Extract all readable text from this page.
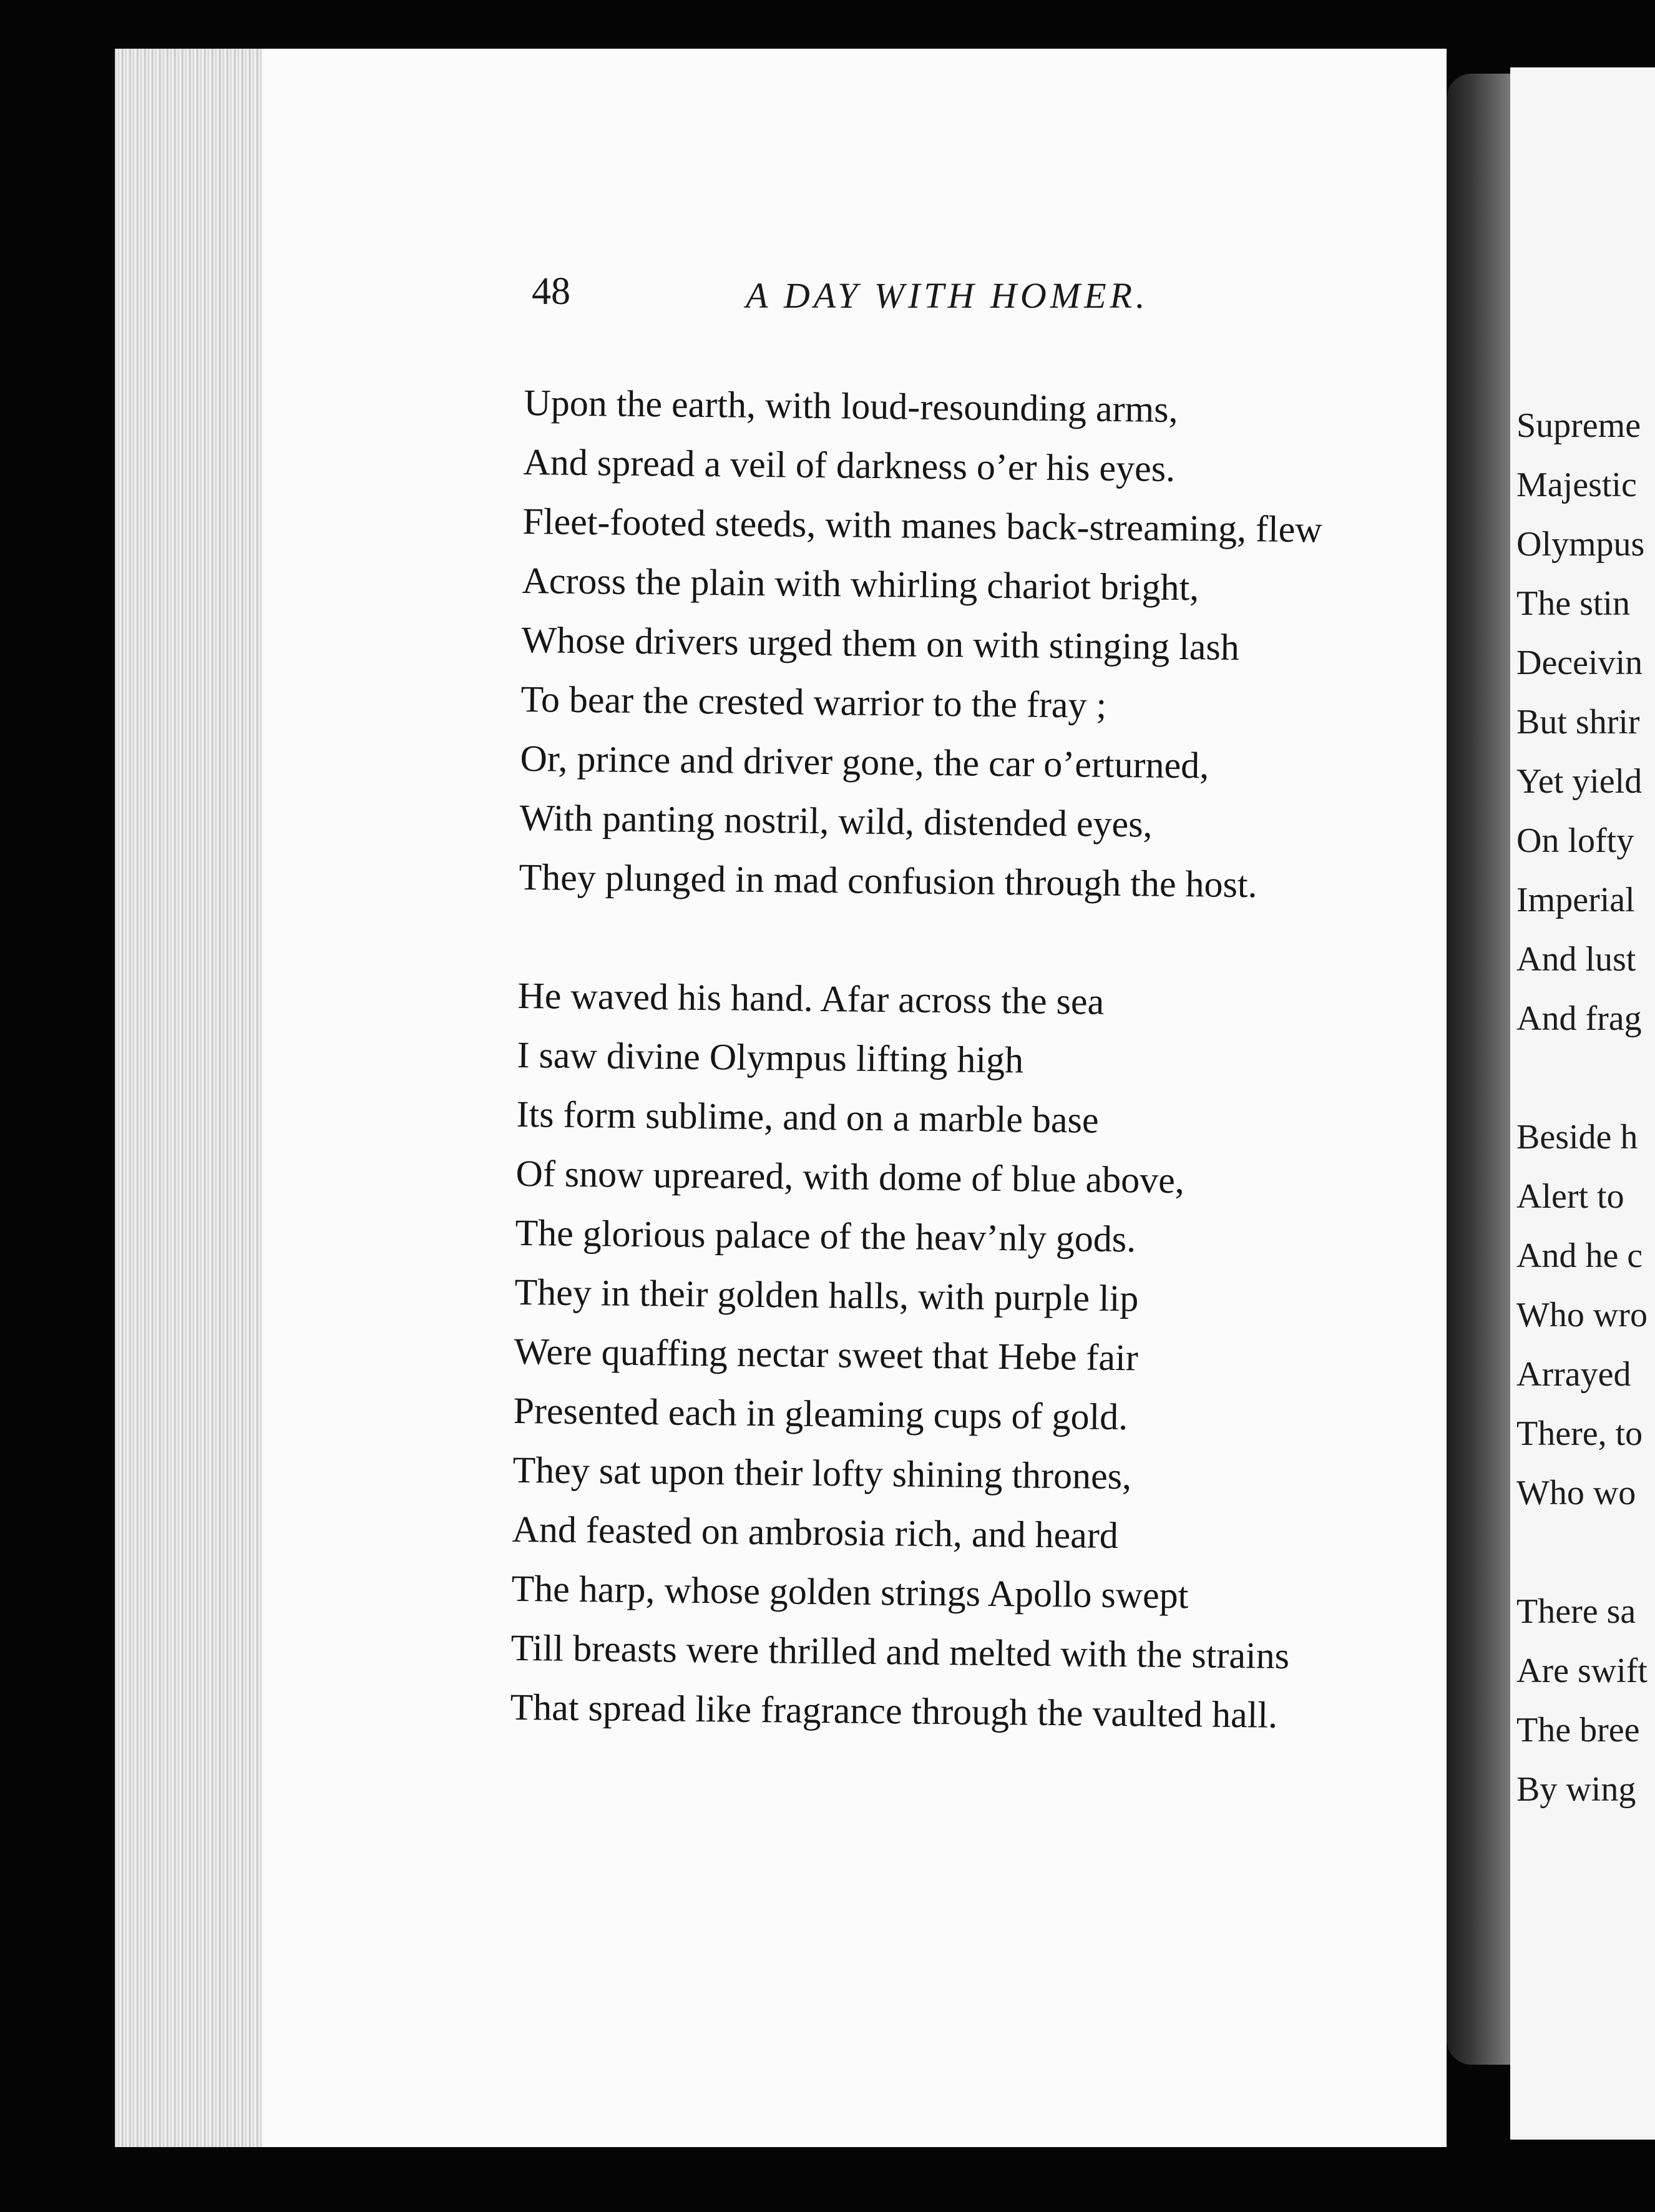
48	A DAY WITH HOMER.
Upon the earth, with loud-resounding arms,
And spread a veil of darkness o’er his eyes.
Fleet-footed steeds, with manes back-streaming, flew
Across the plain with whirling chariot bright,
Whose drivers urged them on with stinging lash
To bear the crested warrior to the fray ;
Or, prince and driver gone, the car o’erturned,
With panting nostril, wild, distended eyes,
They plunged in mad confusion through the host.
He waved his hand. Afar across the sea
I saw divine Olympus lifting high
Its form sublime, and on a marble base
Of snow upreared, with dome of blue above,
The glorious palace of the heav’nly gods.
They in their golden halls, with purple lip
Were quaffing nectar sweet that Hebe fair
Presented each in gleaming cups of gold.
They sat upon their lofty shining thrones,
And feasted on ambrosia rich, and heard
The harp, whose golden strings Apollo swept
Till breasts were thrilled and melted with the strains
That spread like fragrance through the vaulted hall.
Supreme
Majestic
Olympus
The stin
Deceivin
But shrir
Yet yield
On lofty
Imperial
And lust
And frag
Beside h
Alert to
And he c
Who wro
Arrayed
There, to
Who wo
There sa
Are swift
The bree
By wing
